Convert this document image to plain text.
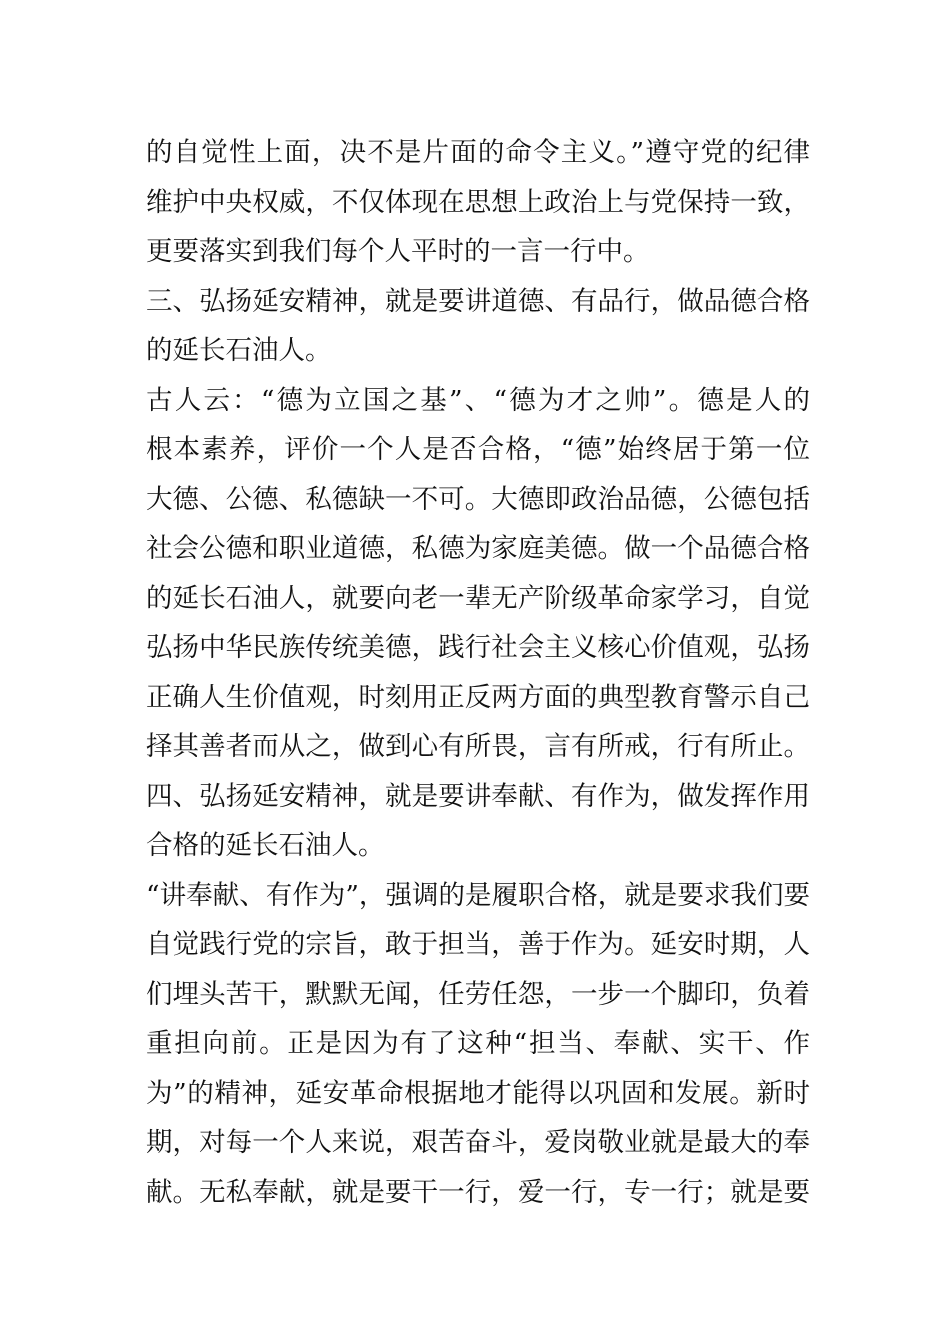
的自觉性上面，决不是片面的命令主义。”遵守党的纪律
维护中央权威，不仅体现在思想上政治上与党保持一致，
更要落实到我们每个人平时的一言一行中。
三、弘扬延安精神，就是要讲道德、有品行，做品德合格
的延长石油人。
古人云：“德为立国之基”、“德为才之帅”。德是人的
根本素养，评价一个人是否合格，“德”始终居于第一位
大德、公德、私德缺一不可。大德即政治品德，公德包括
社会公德和职业道德，私德为家庭美德。做一个品德合格
的延长石油人，就要向老一辈无产阶级革命家学习，自觉
弘扬中华民族传统美德，践行社会主义核心价值观，弘扬
正确人生价值观，时刻用正反两方面的典型教育警示自己
择其善者而从之，做到心有所畏，言有所戒，行有所止。
四、弘扬延安精神，就是要讲奉献、有作为，做发挥作用
合格的延长石油人。
“讲奉献、有作为”，强调的是履职合格，就是要求我们要
自觉践行党的宗旨，敢于担当，善于作为。延安时期，人
们埋头苦干，默默无闻，任劳任怨，一步一个脚印，负着
重担向前。正是因为有了这种“担当、奉献、实干、作
为”的精神，延安革命根据地才能得以巩固和发展。新时
期，对每一个人来说，艰苦奋斗，爱岗敬业就是最大的奉
献。无私奉献，就是要干一行，爱一行，专一行；就是要
